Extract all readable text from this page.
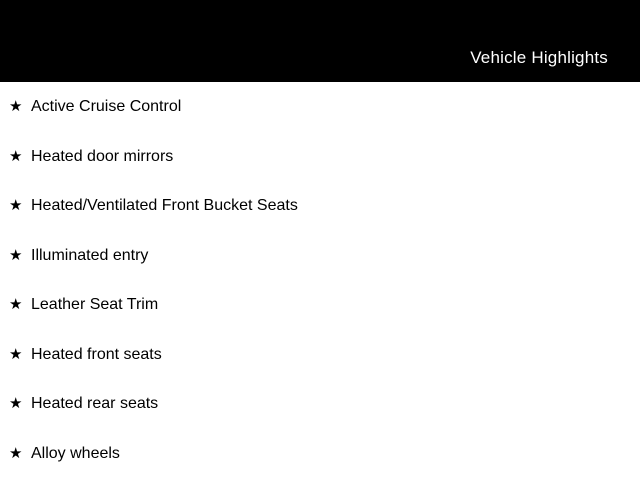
Vehicle Highlights
★ Active Cruise Control
★ Heated door mirrors
★ Heated/Ventilated Front Bucket Seats
★ Illuminated entry
★ Leather Seat Trim
★ Heated front seats
★ Heated rear seats
★ Alloy wheels
